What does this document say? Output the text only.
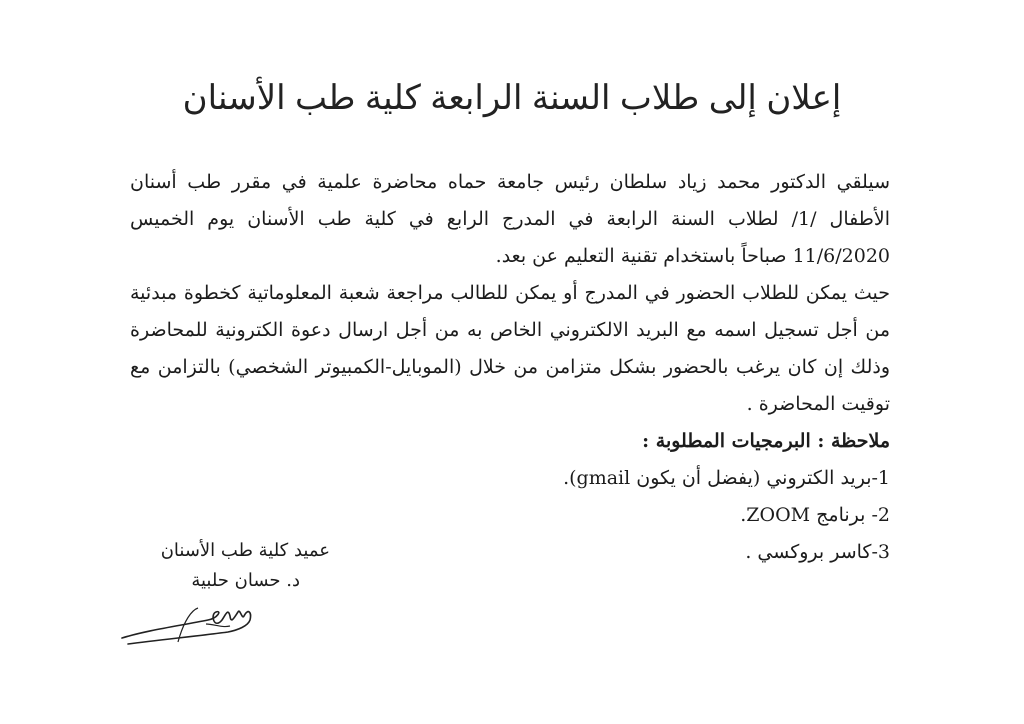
إعلان إلى طلاب السنة الرابعة كلية طب الأسنان

سيلقي الدكتور محمد زياد سلطان رئيس جامعة حماه محاضرة علمية في مقرر طب أسنان الأطفال /1/ لطلاب السنة الرابعة في المدرج الرابع في كلية طب الأسنان يوم الخميس 11/6/2020 صباحاً باستخدام تقنية التعليم عن بعد.

حيث يمكن للطلاب الحضور في المدرج أو يمكن للطالب مراجعة شعبة المعلوماتية كخطوة مبدئية من أجل تسجيل اسمه مع البريد الالكتروني الخاص به من أجل ارسال دعوة الكترونية للمحاضرة وذلك إن كان يرغب بالحضور بشكل متزامن من خلال (الموبايل-الكمبيوتر الشخصي) بالتزامن مع توقيت المحاضرة .

ملاحظة : البرمجيات المطلوبة :

1-بريد الكتروني (يفضل أن يكون gmail).

2- برنامج ZOOM.

3-كاسر بروكسي .

عميد كلية طب الأسنان
د. حسان حلبية
